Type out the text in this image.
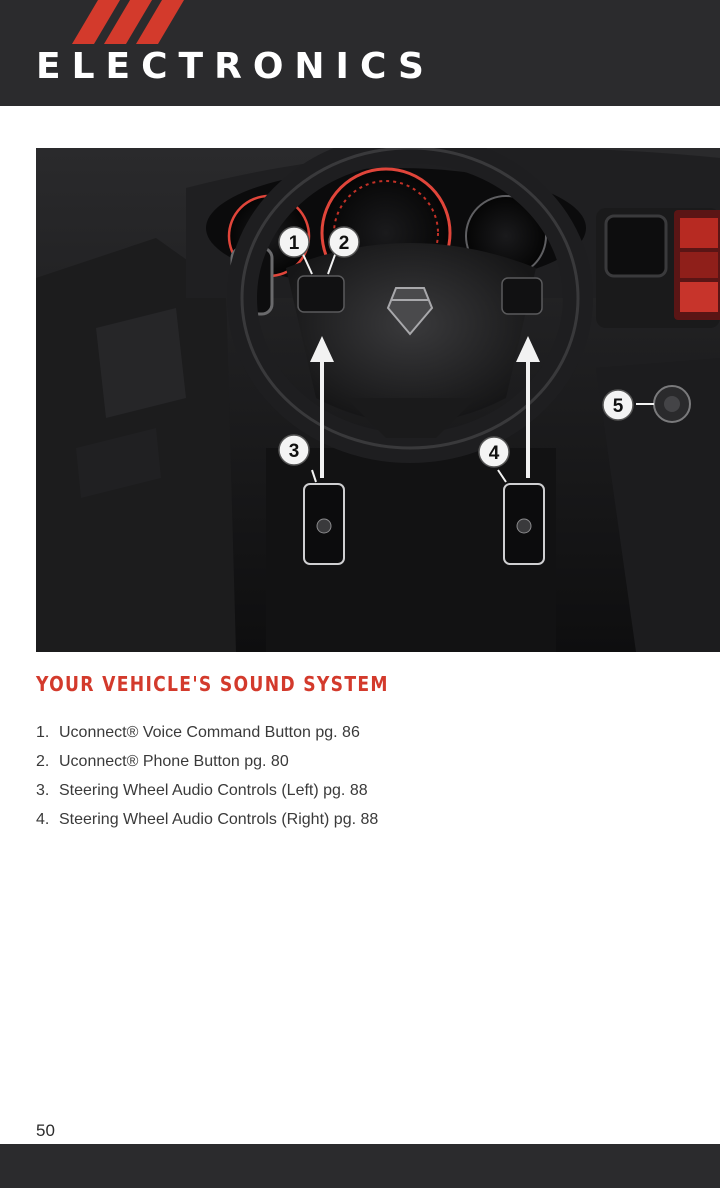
ELECTRONICS
1 2
3	4
5
YOUR VEHICLE'S SOUND SYSTEM
1. Uconnect® Voice Command Button pg. 86
2. Uconnect® Phone Button pg. 80
3. Steering Wheel Audio Controls (Left) pg. 88
4. Steering Wheel Audio Controls (Right) pg. 88
50
